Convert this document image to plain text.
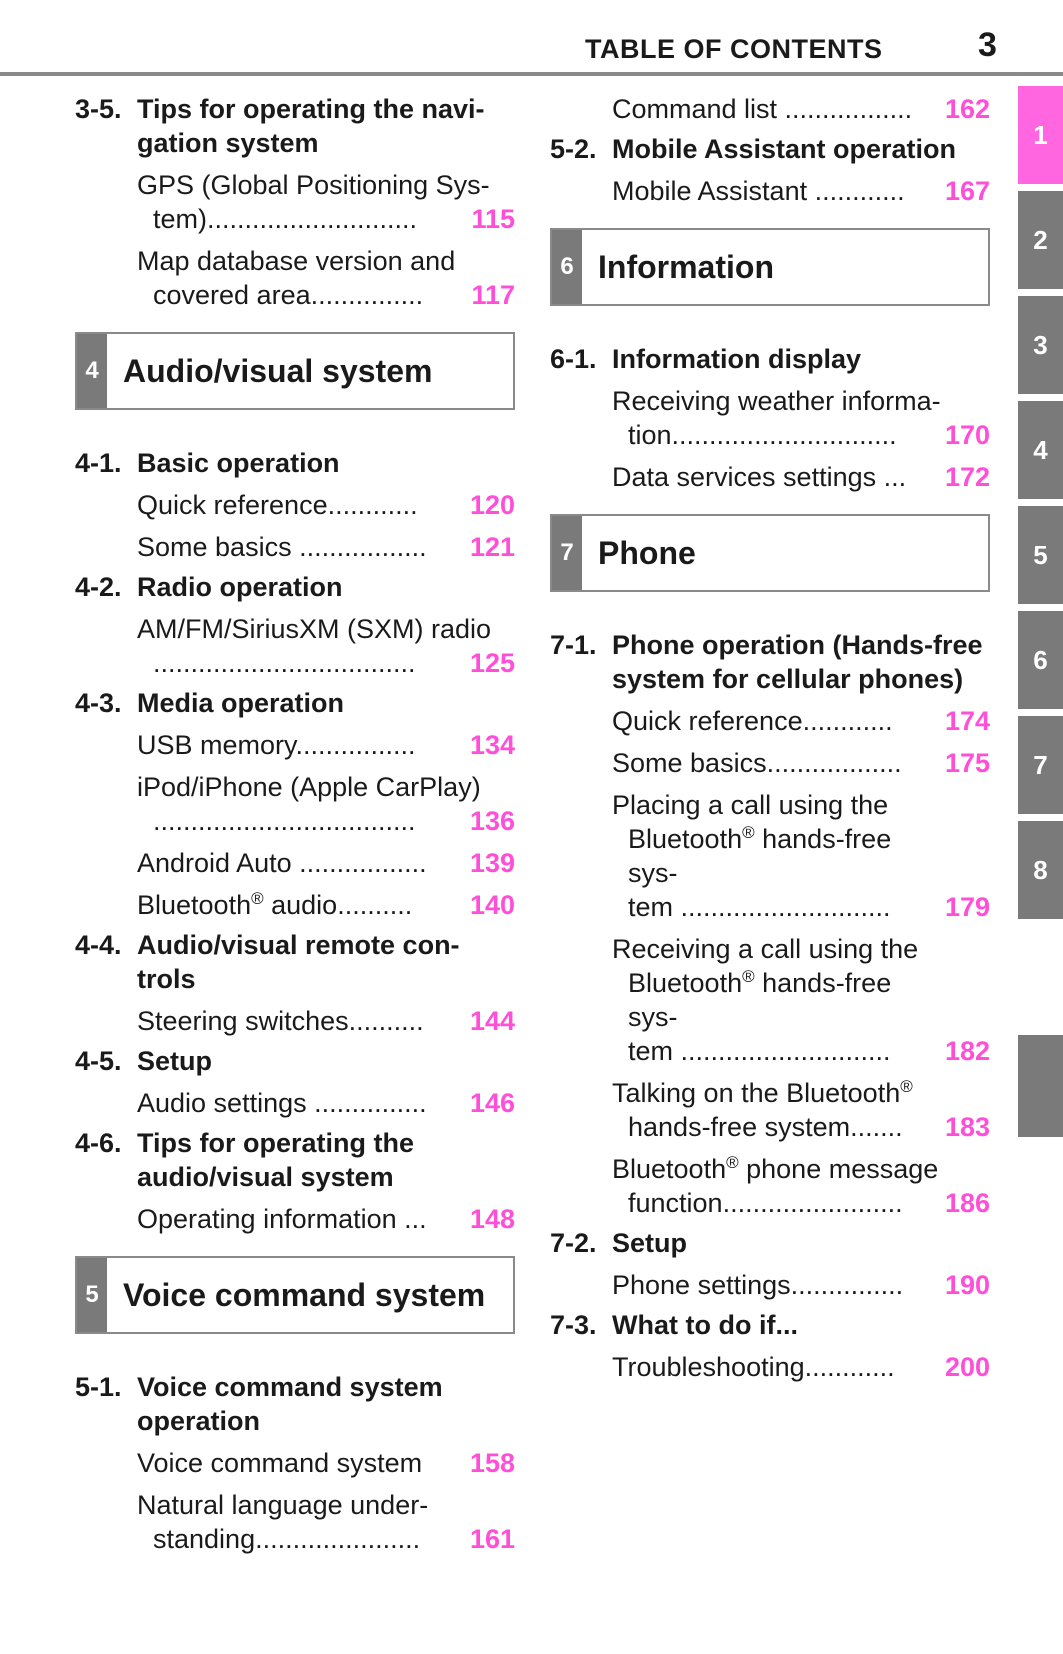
TABLE OF CONTENTS	3
3-5. Tips for operating the navi-gation system
GPS (Global Positioning Sys-
tem)............................	115
Map database version and
covered area...............	117
4 Audio/visual system
4-1. Basic operation
Quick reference............	120
Some basics .................	121
4-2. Radio operation
AM/FM/SiriusXM (SXM) radio
...................................	125
4-3. Media operation
USB memory................	134
iPod/iPhone (Apple CarPlay)
...................................	136
Android Auto .................	139
Bluetooth® audio..........	140
4-4. Audio/visual remote con-trols
Steering switches..........	144
4-5. Setup
Audio settings ...............	146
4-6. Tips for operating the audio/visual system
Operating information ...	148
5 Voice command system
5-1. Voice command system operation
Voice command system	158
Natural language under-
standing......................	161
Command list .................	162
5-2. Mobile Assistant operation
Mobile Assistant ............	167
6 Information
6-1. Information display
Receiving weather informa-
tion..............................	170
Data services settings ...	172
7 Phone
7-1. Phone operation (Hands-free system for cellular phones)
Quick reference............	174
Some basics..................	175
Placing a call using the
Bluetooth® hands-free sys-
tem ............................	179
Receiving a call using the
Bluetooth® hands-free sys-
tem ............................	182
Talking on the Bluetooth®
hands-free system.......	183
Bluetooth® phone message
function........................	186
7-2. Setup
Phone settings...............	190
7-3. What to do if...
Troubleshooting............	200
1
2
3
4
5
6
7
8
